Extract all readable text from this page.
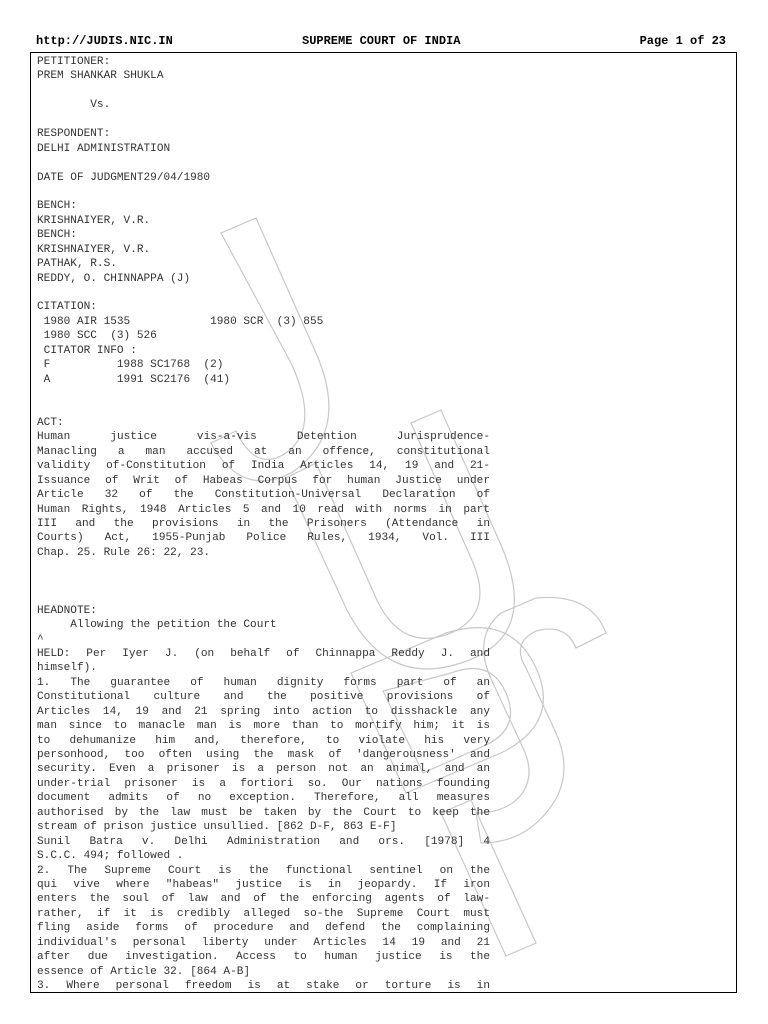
http://JUDIS.NIC.IN	SUPREME COURT OF INDIA	Page 1 of 23
PETITIONER:
PREM SHANKAR SHUKLA
Vs.
RESPONDENT:
DELHI ADMINISTRATION
DATE OF JUDGMENT29/04/1980
BENCH:
KRISHNAIYER, V.R.
BENCH:
KRISHNAIYER, V.R.
PATHAK, R.S.
REDDY, O. CHINNAPPA (J)
CITATION:
1980 AIR 1535            1980 SCR  (3) 855
1980 SCC  (3) 526
CITATOR INFO :
F          1988 SC1768  (2)
A          1991 SC2176  (41)
ACT:
Human justice vis-a-vis Detention Jurisprudence-
Manacling a man accused at an offence, constitutional
validity of-Constitution of India Articles 14, 19 and 21-
Issuance of Writ of Habeas Corpus for human Justice under
Article 32 of the Constitution-Universal Declaration of
Human Rights, 1948 Articles 5 and 10 read with norms in part
III and the provisions in the Prisoners (Attendance in
Courts) Act, 1955-Punjab Police Rules, 1934, Vol. III
Chap. 25. Rule 26: 22, 23.
HEADNOTE:
Allowing the petition the Court
^
HELD: Per Iyer J. (on behalf of Chinnappa Reddy J. and
himself).
1. The guarantee of human dignity forms part of an
Constitutional culture and the positive provisions of
Articles 14, 19 and 21 spring into action to disshackle any
man since to manacle man is more than to mortify him; it is
to dehumanize him and, therefore, to violate his very
personhood, too often using the mask of 'dangerousness' and
security. Even a prisoner is a person not an animal, and an
under-trial prisoner is a fortiori so. Our nations founding
document admits of no exception. Therefore, all measures
authorised by the law must be taken by the Court to keep the
stream of prison justice unsullied. [862 D-F, 863 E-F]
Sunil Batra v. Delhi Administration and ors. [1978] 4
S.C.C. 494; followed .
2. The Supreme Court is the functional sentinel on the
qui vive where "habeas" justice is in jeopardy. If iron
enters the soul of law and of the enforcing agents of law-
rather, if it is credibly alleged so-the Supreme Court must
fling aside forms of procedure and defend the complaining
individual's personal liberty under Articles 14 19 and 21
after due investigation. Access to human justice is the
essence of Article 32. [864 A-B]
3. Where personal freedom is at stake or torture is in
